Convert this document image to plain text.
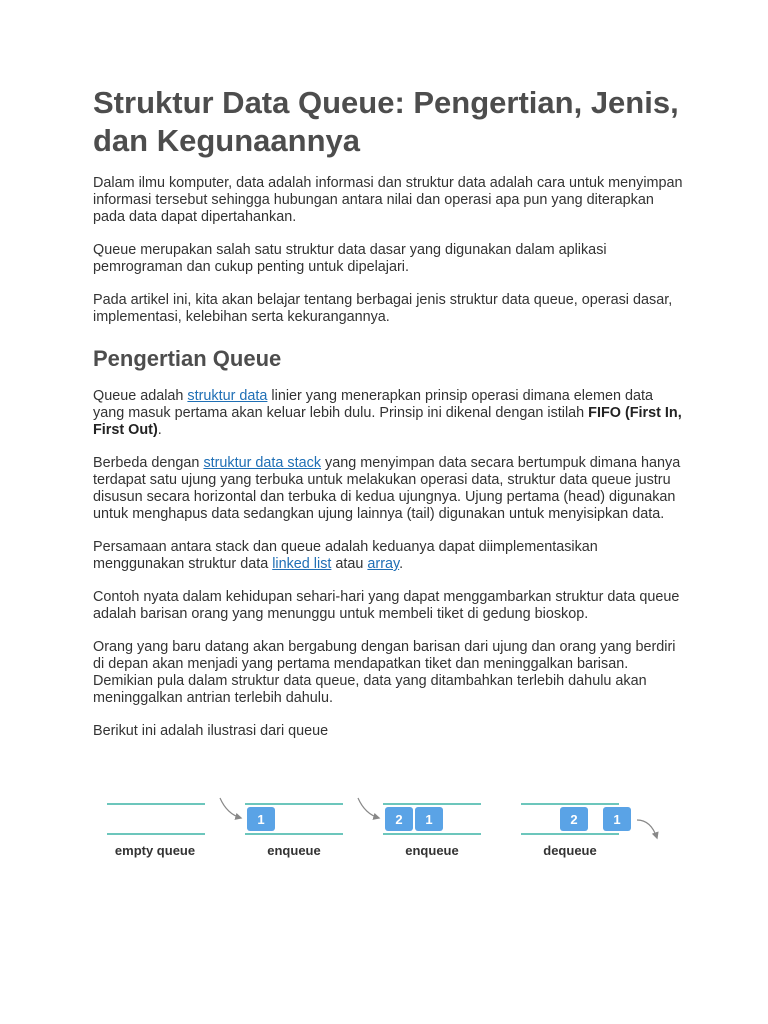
Struktur Data Queue: Pengertian, Jenis, dan Kegunaannya

Dalam ilmu komputer, data adalah informasi dan struktur data adalah cara untuk menyimpan informasi tersebut sehingga hubungan antara nilai dan operasi apa pun yang diterapkan pada data dapat dipertahankan.

Queue merupakan salah satu struktur data dasar yang digunakan dalam aplikasi pemrograman dan cukup penting untuk dipelajari.

Pada artikel ini, kita akan belajar tentang berbagai jenis struktur data queue, operasi dasar, implementasi, kelebihan serta kekurangannya.

Pengertian Queue

Queue adalah struktur data linier yang menerapkan prinsip operasi dimana elemen data yang masuk pertama akan keluar lebih dulu. Prinsip ini dikenal dengan istilah FIFO (First In, First Out).

Berbeda dengan struktur data stack yang menyimpan data secara bertumpuk dimana hanya terdapat satu ujung yang terbuka untuk melakukan operasi data, struktur data queue justru disusun secara horizontal dan terbuka di kedua ujungnya. Ujung pertama (head) digunakan untuk menghapus data sedangkan ujung lainnya (tail) digunakan untuk menyisipkan data.

Persamaan antara stack dan queue adalah keduanya dapat diimplementasikan menggunakan struktur data linked list atau array.

Contoh nyata dalam kehidupan sehari-hari yang dapat menggambarkan struktur data queue adalah barisan orang yang menunggu untuk membeli tiket di gedung bioskop.

Orang yang baru datang akan bergabung dengan barisan dari ujung dan orang yang berdiri di depan akan menjadi yang pertama mendapatkan tiket dan meninggalkan barisan. Demikian pula dalam struktur data queue, data yang ditambahkan terlebih dahulu akan meninggalkan antrian terlebih dahulu.

Berikut ini adalah ilustrasi dari queue

empty queue
1
enqueue
2 1
enqueue
2	1
dequeue
